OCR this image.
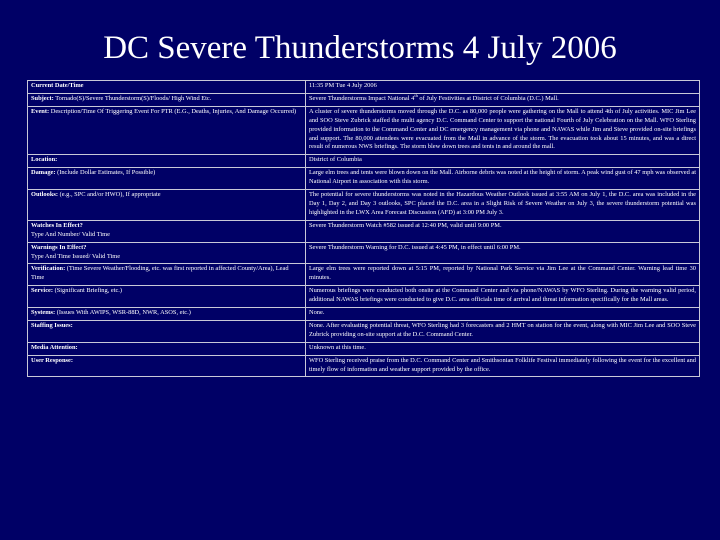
DC Severe Thunderstorms 4 July 2006
Current Date/Time	11:35 PM Tue 4 July 2006
Subject: Tornado(S)/Severe Thunderstorm(S)/Floods/ High Wind Etc.	Severe Thunderstorms Impact National 4th of July Festivities at District of Columbia (D.C.) Mall.
Event: Description/Time Of Triggering Event For PTR (E.G., Deaths, Injuries, And Damage Occurred)	A cluster of severe thunderstorms moved through the D.C. as 80,000 people were gathering on the Mall to attend 4th of July activities. MIC Jim Lee and SOO Steve Zubrick staffed the multi agency D.C. Command Center to support the national Fourth of July Celebration on the Mall. WFO Sterling provided information to the Command Center and DC emergency management via phone and NAWAS while Jim and Steve provided on-site briefings and support. The 80,000 attendees were evacuated from the Mall in advance of the storm. The evacuation took about 15 minutes, and was a direct result of numerous NWS briefings. The storm blew down trees and tents in and around the mall.
Location:	District of Columbia
Damage: (Include Dollar Estimates, If Possible)	Large elm trees and tents were blown down on the Mall. Airborne debris was noted at the height of storm. A peak wind gust of 47 mph was observed at National Airport in association with this storm.
Outlooks: (e.g., SPC and/or HWO), If appropriate	The potential for severe thunderstorms was noted in the Hazardous Weather Outlook issued at 3:55 AM on July 1, the D.C. area was included in the Day 1, Day 2, and Day 3 outlooks, SPC placed the D.C. area in a Slight Risk of Severe Weather on July 3, the severe thunderstorm potential was highlighted in the LWX Area Forecast Discussion (AFD) at 3:00 PM July 3.
Watches In Effect?
Type And Number/ Valid Time	Severe Thunderstorm Watch #582 issued at 12:40 PM, valid until 9:00 PM.
Warnings In Effect?
Type And Time Issued/ Valid Time	Severe Thunderstorm Warning for D.C. issued at 4:45 PM, in effect until 6:00 PM.
Verification: (Time Severe Weather/Flooding, etc. was first reported in affected County/Area), Lead Time	Large elm trees were reported down at 5:15 PM, reported by National Park Service via Jim Lee at the Command Center. Warning lead time 30 minutes.
Service: (Significant Briefing, etc.)	Numerous briefings were conducted both onsite at the Command Center and via phone/NAWAS by WFO Sterling. During the warning valid period, additional NAWAS briefings were conducted to give D.C. area officials time of arrival and threat information specifically for the Mall areas.
Systems: (Issues With AWIPS, WSR-88D, NWR, ASOS, etc.)	None.
Staffing Issues:	None. After evaluating potential threat, WFO Sterling had 3 forecasters and 2 HMT on station for the event, along with MIC Jim Lee and SOO Steve Zubrick providing on-site support at the D.C. Command Center.
Media Attention:	Unknown at this time.
User Response:	WFO Sterling received praise from the D.C. Command Center and Smithsonian Folklife Festival immediately following the event for the excellent and timely flow of information and weather support provided by the office.
